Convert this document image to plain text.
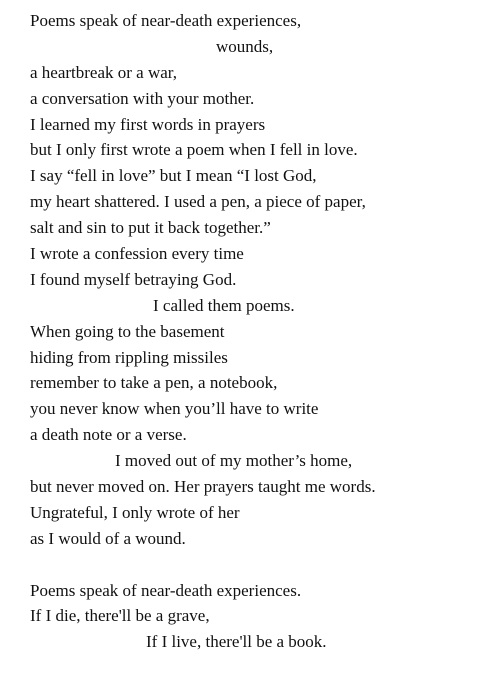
Poems speak of near-death experiences,
wounds,
a heartbreak or a war,
a conversation with your mother.
I learned my first words in prayers
but I only first wrote a poem when I fell in love.
I say “fell in love” but I mean “I lost God,
my heart shattered. I used a pen, a piece of paper,
salt and sin to put it back together.”
I wrote a confession every time
I found myself betraying God.
I called them poems.
When going to the basement
hiding from rippling missiles
remember to take a pen, a notebook,
you never know when you’ll have to write
a death note or a verse.
I moved out of my mother’s home,
but never moved on. Her prayers taught me words.
Ungrateful, I only wrote of her
as I would of a wound.
Poems speak of near-death experiences.
If I die, there'll be a grave,
If I live, there'll be a book.
